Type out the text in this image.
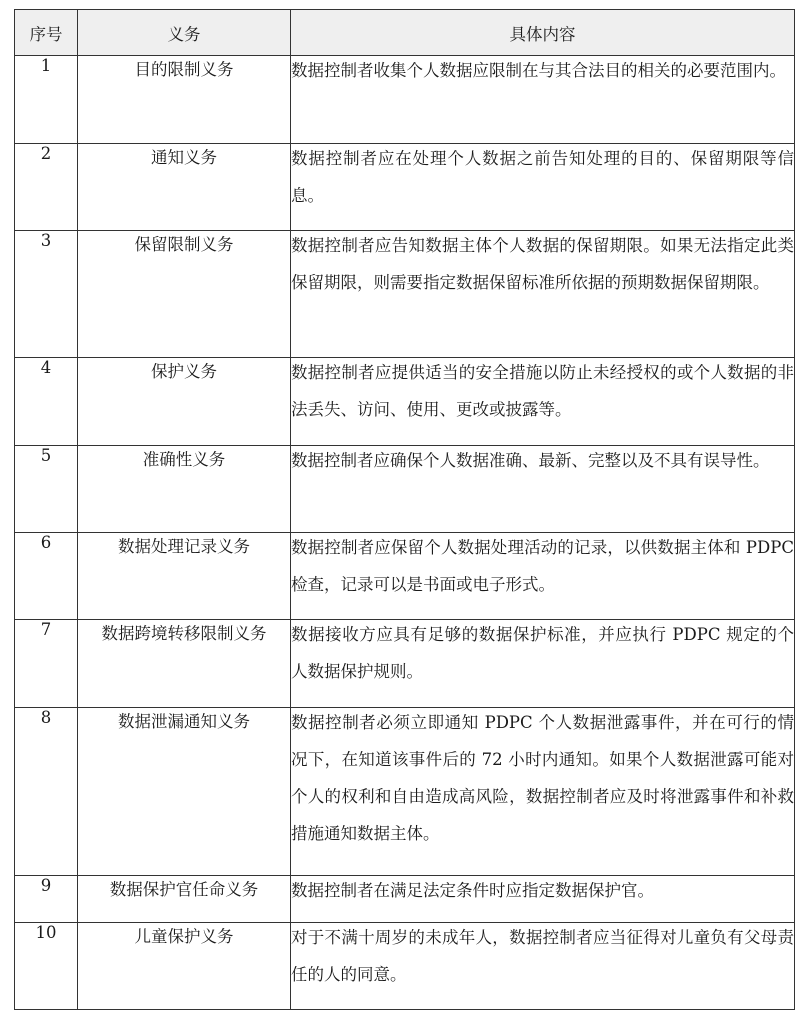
序号	义务	具体内容
1	目的限制义务	数据控制者收集个人数据应限制在与其合法目的相关的必要范围内。

2	通知义务	数据控制者应在处理个人数据之前告知处理的目的、保留期限等信息。

3	保留限制义务	数据控制者应告知数据主体个人数据的保留期限。如果无法指定此类保留期限，则需要指定数据保留标准所依据的预期数据保留期限。

4	保护义务	数据控制者应提供适当的安全措施以防止未经授权的或个人数据的非法丢失、访问、使用、更改或披露等。

5	准确性义务	数据控制者应确保个人数据准确、最新、完整以及不具有误导性。

6	数据处理记录义务	数据控制者应保留个人数据处理活动的记录，以供数据主体和 PDPC 检查，记录可以是书面或电子形式。

7	数据跨境转移限制义务	数据接收方应具有足够的数据保护标准，并应执行 PDPC 规定的个人数据保护规则。

8	数据泄漏通知义务	数据控制者必须立即通知 PDPC 个人数据泄露事件，并在可行的情况下，在知道该事件后的 72 小时内通知。如果个人数据泄露可能对个人的权利和自由造成高风险，数据控制者应及时将泄露事件和补救措施通知数据主体。

9	数据保护官任命义务	数据控制者在满足法定条件时应指定数据保护官。

10	儿童保护义务	对于不满十周岁的未成年人，数据控制者应当征得对儿童负有父母责任的人的同意。
